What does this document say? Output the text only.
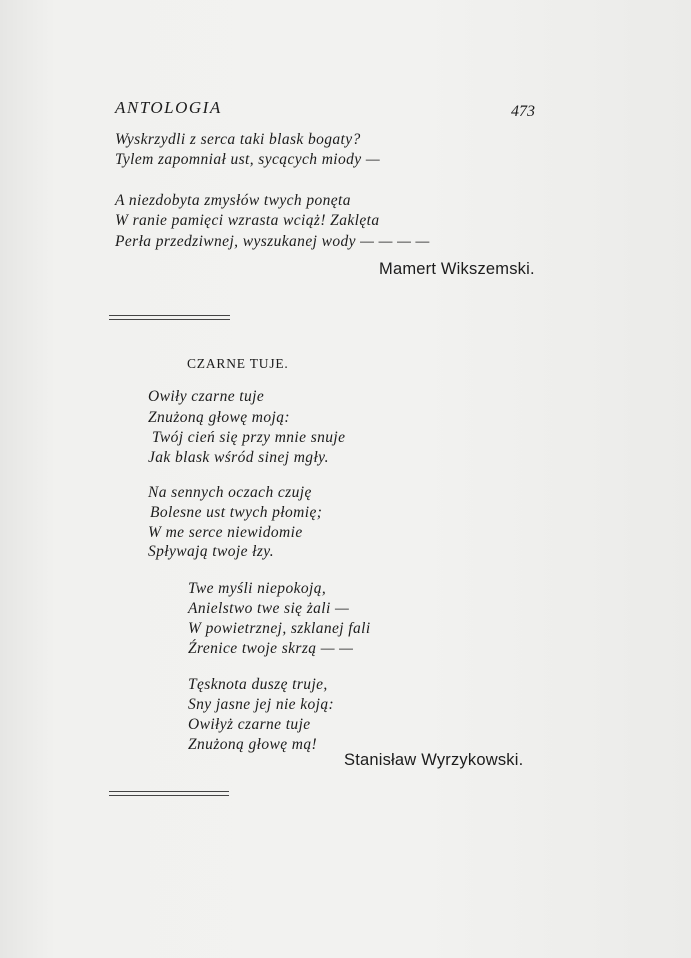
ANTOLOGIA	473
Wyskrzydli z serca taki blask bogaty?
Tylem zapomniał ust, sycących miody —
A niezdobyta zmysłów twych ponęta
W ranie pamięci wzrasta wciąż! Zaklęta
Perła przedziwnej, wyszukanej wody — — — —
Mamert Wikszemski.
CZARNE TUJE.
Owiły czarne tuje
Znużoną głowę moją:
Twój cień się przy mnie snuje
Jak blask wśród sinej mgły.
Na sennych oczach czuję
Bolesne ust twych płomię;
W me serce niewidomie
Spływają twoje łzy.
Twe myśli niepokoją,
Anielstwo twe się żali —
W powietrznej, szklanej fali
Źrenice twoje skrzą — —
Tęsknota duszę truje,
Sny jasne jej nie koją:
Owiłyż czarne tuje
Znużoną głowę mą!
Stanisław Wyrzykowski.
